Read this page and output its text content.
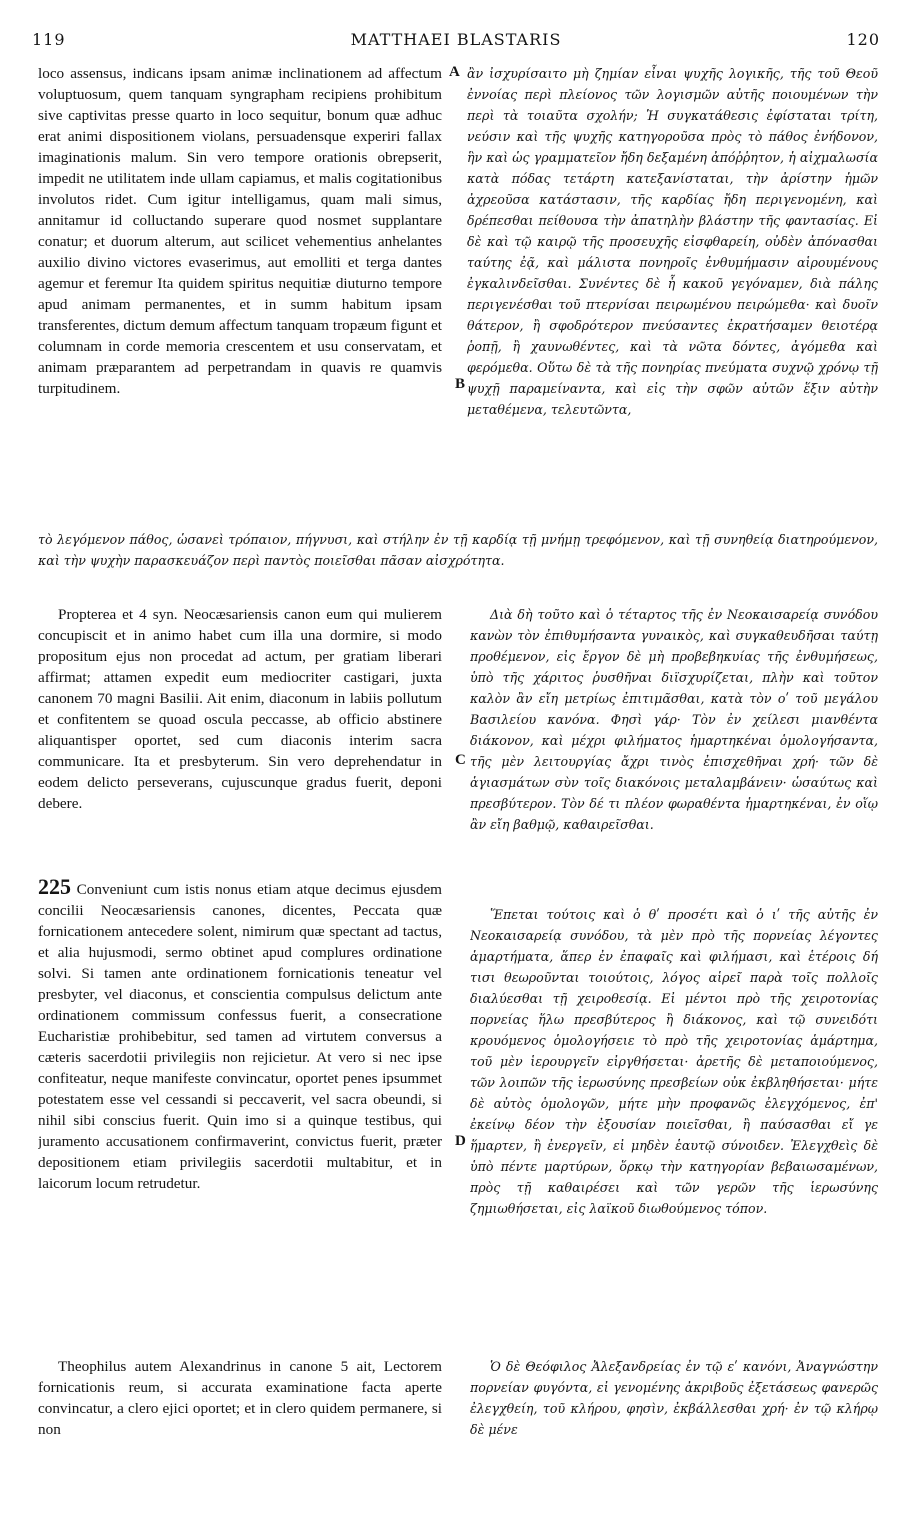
119	MATTHAEI BLASTARIS	120

loco assensus, indicans ipsam animæ inclinationem ad affectum voluptuosum, quem tanquam syngrapham recipiens prohibitum sive captivitas presse quarto in loco sequitur, bonum quæ adhuc erat animi dispositionem violans, persuadensque experiri fallax imaginationis malum. Sin vero tempore orationis obrepserit, impedit ne utilitatem inde ullam capiamus, et malis cogitationibus involutos ridet. Cum igitur intelligamus, quam mali simus, annitamur id colluctando superare quod nosmet supplantare conatur; et duorum alterum, aut scilicet vehementius anhelantes auxilio divino victores evaserimus, aut emolliti et terga dantes agemur et feremur Ita quidem spiritus nequitiæ diuturno tempore apud animam permanentes, et in summ habitum ipsam transferentes, dictum demum affectum tanquam tropæum figunt et columnam in corde memoria crescentem et usu conservatam, et animam præparantem ad perpetrandam in quavis re quamvis turpitudinem.

A ἂν ἰσχυρίσαιτο μὴ ζημίαν εἶναι ψυχῆς λογικῆς, τῆς τοῦ Θεοῦ ἐννοίας περὶ πλείονος τῶν λογισμῶν αὐτῆς ποιουμένων τὴν περὶ τὰ τοιαῦτα σχολήν; Ἡ συγκατάθεσις ἐφίσταται τρίτη, νεύσιν καὶ τῆς ψυχῆς κατηγοροῦσα πρὸς τὸ πάθος ἐνήδονον, ἣν καὶ ὡς γραμματεῖον ἤδη δεξαμένη ἀπόῤῥητον, ἡ αἰχμαλωσία κατὰ πόδας τετάρτη κατεξανίσταται, τὴν ἀρίστην ἡμῶν ἀχρεοῦσα κατάστασιν, τῆς καρδίας ἤδη περιγενομένη, καὶ δρέπεσθαι πείθουσα τὴν ἀπατηλὴν βλάστην τῆς φαντασίας. Εἰ δὲ καὶ τῷ καιρῷ τῆς προσευχῆς εἰσφθαρείη, οὐδὲν ἀπόνασθαι ταύτης ἐᾷ, καὶ μάλιστα πονηροῖς ἐνθυμήμασιν αἱρουμένους ἐγκαλινδεῖσθαι. Συνέντες δὲ ἧ κακοῦ γεγόναμεν, διὰ πάλης περιγενέσθαι τοῦ πτερνίσαι πειρωμένου πειρώμεθα· καὶ δυοῖν θάτερον, ἢ σφοδρότερον πνεύσαντες ἐκρατήσαμεν θειοτέρᾳ ῥοπῇ, ἢ χαυνωθέντες, καὶ τὰ νῶτα δόντες, ἀγόμεθα καὶ φερόμεθα. Οὕτω δὲ τὰ τῆς πονηρίας πνεύματα συχνῷ χρόνῳ τῇ ψυχῇ παραμείναντα, καὶ εἰς τὴν σφῶν αὐτῶν ἕξιν αὐτὴν μεταθέμενα, τελευτῶντα,

B

τὸ λεγόμενον πάθος, ὡσανεὶ τρόπαιον, πήγνυσι, καὶ στήλην ἐν τῇ καρδίᾳ τῇ μνήμῃ τρεφόμενον, καὶ τῇ συνηθείᾳ διατηρούμενον, καὶ τὴν ψυχὴν παρασκευάζον περὶ παντὸς ποιεῖσθαι πᾶσαν αἰσχρότητα.

Propterea et 4 syn. Neocæsariensis canon eum qui mulierem concupiscit et in animo habet cum illa una dormire, si modo propositum ejus non procedat ad actum, per gratiam liberari affirmat; attamen expedit eum mediocriter castigari, juxta canonem 70 magni Basilii. Ait enim, diaconum in labiis pollutum et confitentem se quoad oscula peccasse, ab officio abstinere aliquantisper oportet, sed cum diaconis interim sacra communicare. Ita et presbyterum. Sin vero deprehendatur in eodem delicto perseverans, cujuscunque gradus fuerit, deponi debere.

Διὰ δὴ τοῦτο καὶ ὁ τέταρτος τῆς ἐν Νεοκαισαρείᾳ συνόδου κανὼν τὸν ἐπιθυμήσαντα γυναικὸς, καὶ συγκαθευδῆσαι ταύτῃ προθέμενον, εἰς ἔργον δὲ μὴ προβεβηκυίας τῆς ἐνθυμήσεως, ὑπὸ τῆς χάριτος ῥυσθῆναι διϊσχυρίζεται, πλὴν καὶ τοῦτον καλὸν ἂν εἴη μετρίως ἐπιτιμᾶσθαι, κατὰ τὸν οʹ τοῦ μεγάλου Βασιλείου κανόνα. Φησὶ γάρ· Τὸν ἐν χείλεσι μιανθέντα διάκονον, καὶ μέχρι φιλήματος ἡμαρτηκέναι ὁμολογήσαντα, τῆς μὲν λειτουργίας ἄχρι τινὸς ἐπισχεθῆναι χρή· τῶν δὲ ἁγιασμάτων σὺν τοῖς διακόνοις μεταλαμβάνειν· ὡσαύτως καὶ πρεσβύτερον. Τὸν δέ τι πλέον φωραθέντα ἡμαρτηκέναι, ἐν οἵῳ ἂν εἴη βαθμῷ, καθαιρεῖσθαι.

C

225 Conveniunt cum istis nonus etiam atque decimus ejusdem concilii Neocæsariensis canones, dicentes, Peccata quæ fornicationem antecedere solent, nimirum quæ spectant ad tactus, et alia hujusmodi, sermo obtinet apud complures ordinatione solvi. Si tamen ante ordinationem fornicationis teneatur vel presbyter, vel diaconus, et conscientia compulsus delictum ante ordinationem commissum confessus fuerit, a consecratione Eucharistiæ prohibebitur, sed tamen ad virtutem conversus a cæteris sacerdotii privilegiis non rejicietur. At vero si nec ipse confiteatur, neque manifeste convincatur, oportet penes ipsummet potestatem esse vel cessandi si peccaverit, vel sacra obeundi, si nihil sibi conscius fuerit. Quin imo si a quinque testibus, qui juramento accusationem confirmaverint, convictus fuerit, præter depositionem etiam privilegiis sacerdotii multabitur, et in laicorum locum retrudetur.

Ἕπεται τούτοις καὶ ὁ θʹ προσέτι καὶ ὁ ιʹ τῆς αὐτῆς ἐν Νεοκαισαρείᾳ συνόδου, τὰ μὲν πρὸ τῆς πορνείας λέγοντες ἁμαρτήματα, ἅπερ ἐν ἐπαφαῖς καὶ φιλήμασι, καὶ ἑτέροις δή τισι θεωροῦνται τοιούτοις, λόγος αἱρεῖ παρὰ τοῖς πολλοῖς διαλύεσθαι τῇ χειροθεσίᾳ. Εἰ μέντοι πρὸ τῆς χειροτονίας πορνείας ἥλω πρεσβύτερος ἢ διάκονος, καὶ τῷ συνειδότι κρουόμενος ὁμολογήσειε τὸ πρὸ τῆς χειροτονίας ἁμάρτημα, τοῦ μὲν ἱερουργεῖν εἰργθήσεται· ἀρετῆς δὲ μεταποιούμενος, τῶν λοιπῶν τῆς ἱερωσύνης πρεσβείων οὐκ ἐκβληθήσεται· μήτε δὲ αὐτὸς ὁμολογῶν, μήτε μὴν προφανῶς ἐλεγχόμενος, ἐπ' ἐκείνῳ δέον τὴν ἐξουσίαν ποιεῖσθαι, ἢ παύσασθαι εἴ γε ἥμαρτεν, ἢ ἐνεργεῖν, εἰ μηδὲν ἑαυτῷ σύνοιδεν. Ἐλεγχθεὶς δὲ ὑπὸ πέντε μαρτύρων, ὅρκῳ τὴν κατηγορίαν βεβαιωσαμένων, πρὸς τῇ καθαιρέσει καὶ τῶν γερῶν τῆς ἱερωσύνης ζημιωθήσεται, εἰς λαϊκοῦ διωθούμενος τόπον.

D

Theophilus autem Alexandrinus in canone 5 ait, Lectorem fornicationis reum, si accurata examinatione facta aperte convincatur, a clero ejici oportet; et in clero quidem permanere, si non

Ὁ δὲ Θεόφιλος Ἀλεξανδρείας ἐν τῷ εʹ κανόνι, Ἀναγνώστην πορνείαν φυγόντα, εἰ γενομένης ἀκριβοῦς ἐξετάσεως φανερῶς ἐλεγχθείη, τοῦ κλήρου, φησὶν, ἐκβάλλεσθαι χρή· ἐν τῷ κλήρῳ δὲ μένε
